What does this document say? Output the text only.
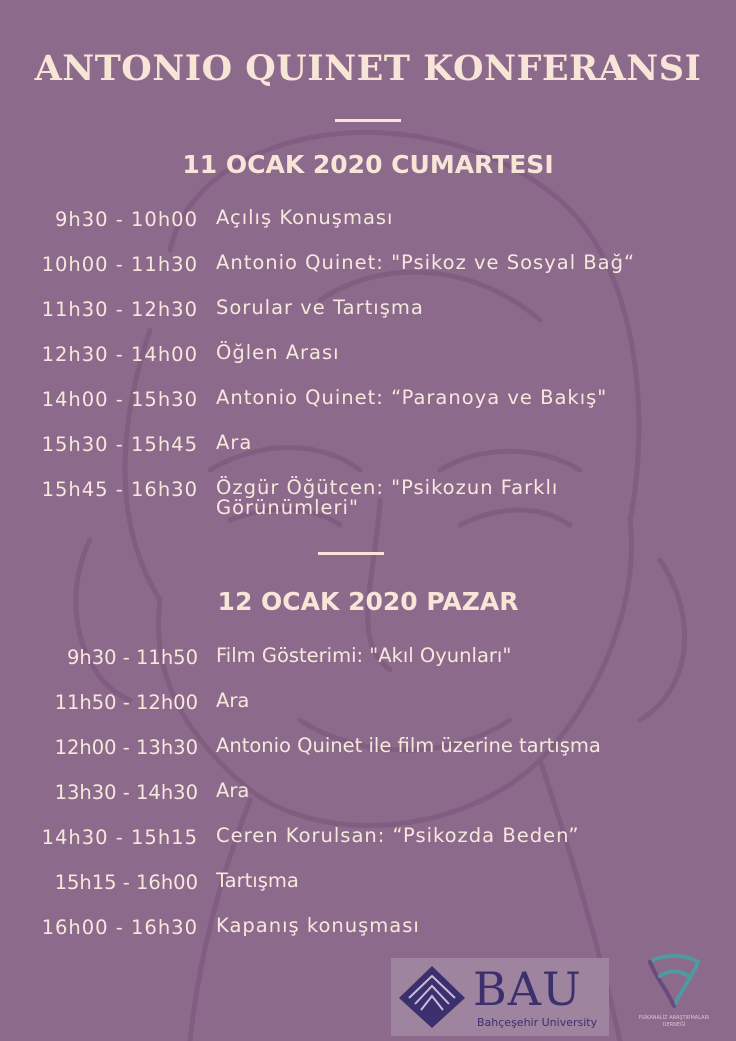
ANTONIO QUINET KONFERANSI
11 OCAK 2020 CUMARTESI
9h30 - 10h00 Açılış Konuşması
10h00 - 11h30 Antonio Quinet: "Psikoz ve Sosyal Bağ“
11h30 - 12h30 Sorular ve Tartışma
12h30 - 14h00 Öğlen Arası
14h00 - 15h30 Antonio Quinet: “Paranoya ve Bakış"
15h30 - 15h45 Ara
15h45 - 16h30 Özgür Öğütcen: "Psikozun Farklı Görünümleri"
12 OCAK 2020 PAZAR
9h30 - 11h50 Film Gösterimi: "Akıl Oyunları"
11h50 - 12h00 Ara
12h00 - 13h30 Antonio Quinet ile film üzerine tartışma
13h30 - 14h30 Ara
14h30 - 15h15 Ceren Korulsan: “Psikozda Beden”
15h15 - 16h00 Tartışma
16h00 - 16h30 Kapanış konuşması
BAU
Bahçeşehir University	PSİKANALİZ ARAŞTIRMALARI DERNEĞİ
